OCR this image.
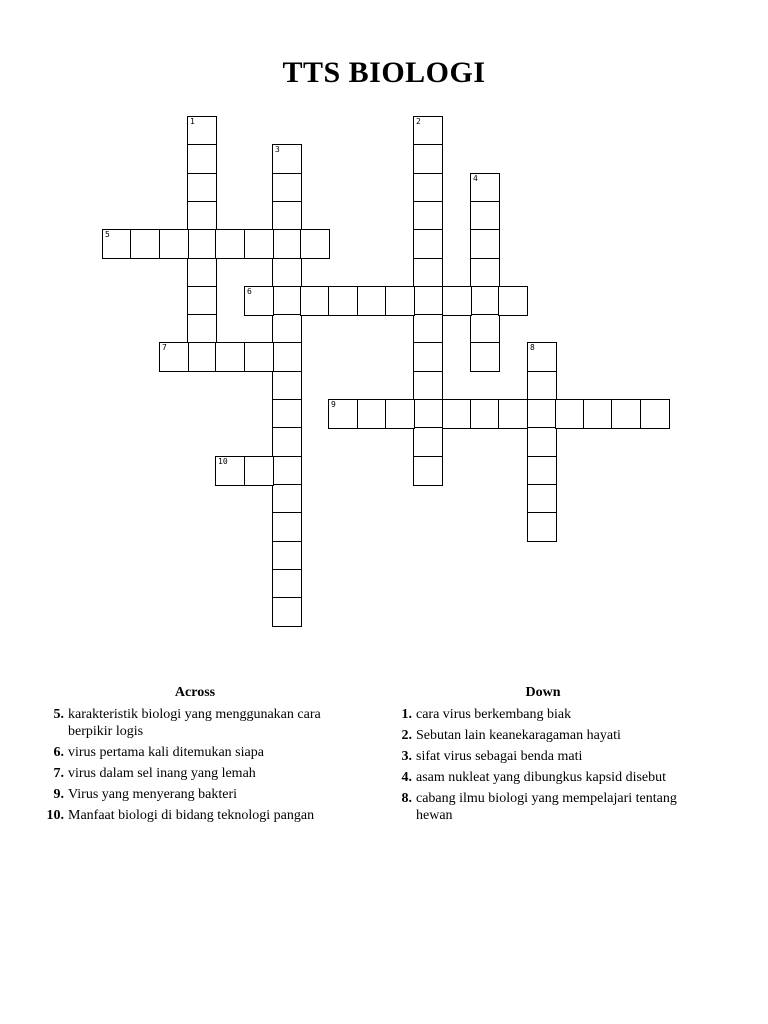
TTS BIOLOGI
1	2
3
4
5
6
7	8
9
10
Across
5. karakteristik biologi yang menggunakan cara berpikir logis
6. virus pertama kali ditemukan siapa
7. virus dalam sel inang yang lemah
9. Virus yang menyerang bakteri
10. Manfaat biologi di bidang teknologi pangan
Down
1. cara virus berkembang biak
2. Sebutan lain keanekaragaman hayati
3. sifat virus sebagai benda mati
4. asam nukleat yang dibungkus kapsid disebut
8. cabang ilmu biologi yang mempelajari tentang hewan
